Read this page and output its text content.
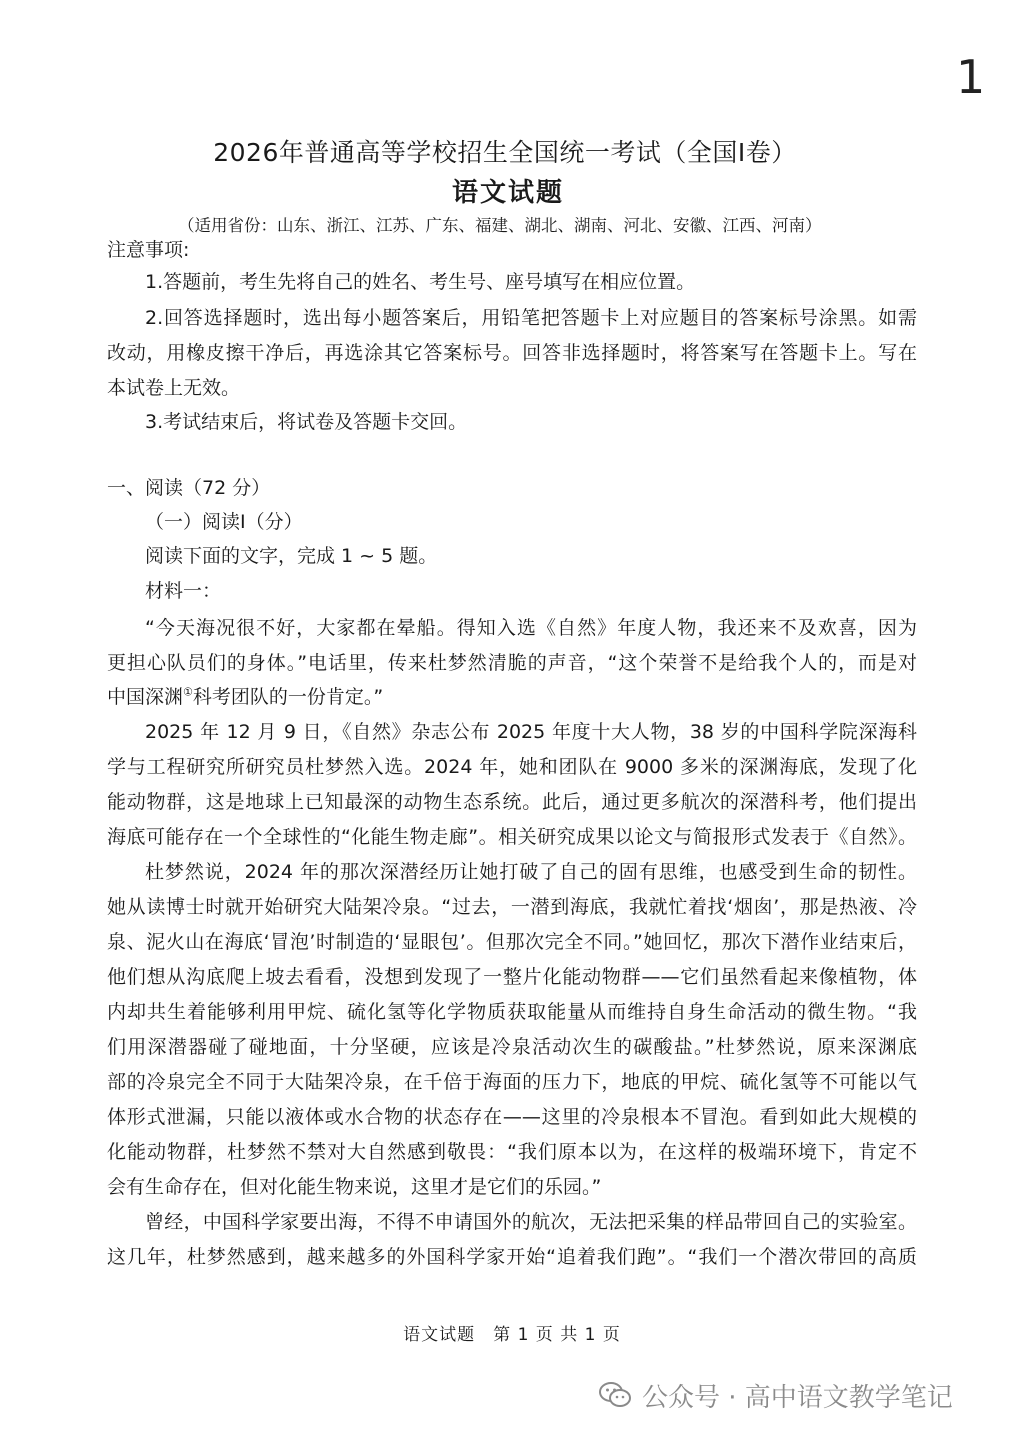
1
2026年普通高等学校招生全国统一考试（全国Ⅰ卷）
语文试题
（适用省份：山东、浙江、江苏、广东、福建、湖北、湖南、河北、安徽、江西、河南）
注意事项:
1.答题前，考生先将自己的姓名、考生号、座号填写在相应位置。
2.回答选择题时，选出每小题答案后，用铅笔把答题卡上对应题目的答案标号涂黑。如需
改动，用橡皮擦干净后，再选涂其它答案标号。回答非选择题时，将答案写在答题卡上。写在
本试卷上无效。
3.考试结束后，将试卷及答题卡交回。
一、阅读（72 分）
（一）阅读Ⅰ（分）
阅读下面的文字，完成 1 ~ 5 题。
材料一：
“今天海况很不好，大家都在晕船。得知入选《自然》年度人物，我还来不及欢喜，因为
更担心队员们的身体。”电话里，传来杜梦然清脆的声音，“这个荣誉不是给我个人的，而是对
中国深渊①科考团队的一份肯定。”
2025 年 12 月 9 日，《自然》杂志公布 2025 年度十大人物，38 岁的中国科学院深海科
学与工程研究所研究员杜梦然入选。2024 年，她和团队在 9000 多米的深渊海底，发现了化
能动物群，这是地球上已知最深的动物生态系统。此后，通过更多航次的深潜科考，他们提出
海底可能存在一个全球性的“化能生物走廊”。相关研究成果以论文与简报形式发表于《自然》。
杜梦然说，2024 年的那次深潜经历让她打破了自己的固有思维，也感受到生命的韧性。
她从读博士时就开始研究大陆架冷泉。“过去，一潜到海底，我就忙着找‘烟囱’，那是热液、冷
泉、泥火山在海底‘冒泡’时制造的‘显眼包’。但那次完全不同。”她回忆，那次下潜作业结束后，
他们想从沟底爬上坡去看看，没想到发现了一整片化能动物群——它们虽然看起来像植物，体
内却共生着能够利用甲烷、硫化氢等化学物质获取能量从而维持自身生命活动的微生物。“我
们用深潜器碰了碰地面，十分坚硬，应该是冷泉活动次生的碳酸盐。”杜梦然说，原来深渊底
部的冷泉完全不同于大陆架冷泉，在千倍于海面的压力下，地底的甲烷、硫化氢等不可能以气
体形式泄漏，只能以液体或水合物的状态存在——这里的冷泉根本不冒泡。看到如此大规模的
化能动物群，杜梦然不禁对大自然感到敬畏：“我们原本以为，在这样的极端环境下，肯定不
会有生命存在，但对化能生物来说，这里才是它们的乐园。”
曾经，中国科学家要出海，不得不申请国外的航次，无法把采集的样品带回自己的实验室。
这几年，杜梦然感到，越来越多的外国科学家开始“追着我们跑”。“我们一个潜次带回的高质
语文试题　第 1 页 共 1 页
公众号 · 高中语文教学笔记
